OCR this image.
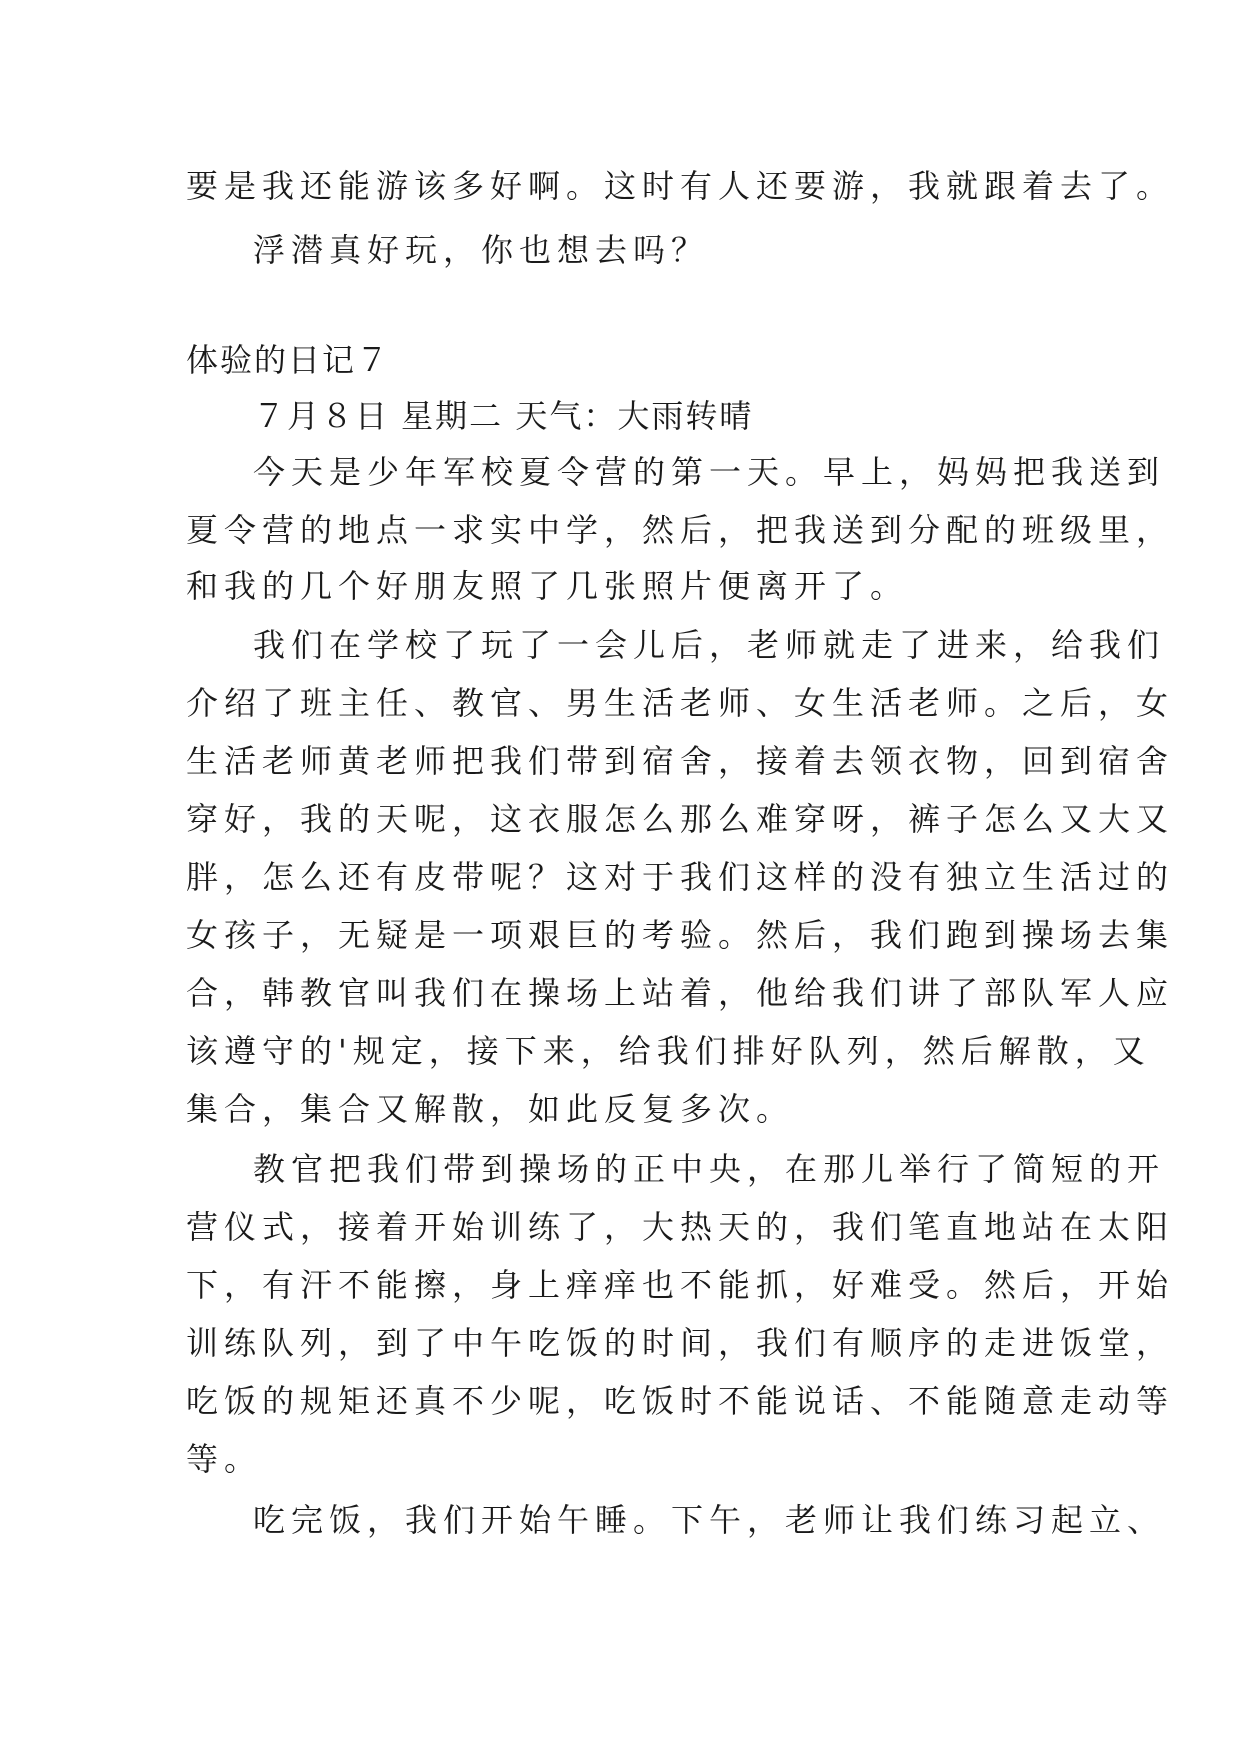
要是我还能游该多好啊。这时有人还要游，我就跟着去了。
浮潜真好玩，你也想去吗？
体验的日记７
７月８日 星期二 天气：大雨转晴
今天是少年军校夏令营的第一天。早上，妈妈把我送到
夏令营的地点一求实中学，然后，把我送到分配的班级里，
和我的几个好朋友照了几张照片便离开了。
我们在学校了玩了一会儿后，老师就走了进来，给我们
介绍了班主任、教官、男生活老师、女生活老师。之后，女
生活老师黄老师把我们带到宿舍，接着去领衣物，回到宿舍
穿好，我的天呢，这衣服怎么那么难穿呀，裤子怎么又大又
胖，怎么还有皮带呢？这对于我们这样的没有独立生活过的
女孩子，无疑是一项艰巨的考验。然后，我们跑到操场去集
合，韩教官叫我们在操场上站着，他给我们讲了部队军人应
该遵守的'规定，接下来，给我们排好队列，然后解散，又
集合，集合又解散，如此反复多次。
教官把我们带到操场的正中央，在那儿举行了简短的开
营仪式，接着开始训练了，大热天的，我们笔直地站在太阳
下，有汗不能擦，身上痒痒也不能抓，好难受。然后，开始
训练队列，到了中午吃饭的时间，我们有顺序的走进饭堂，
吃饭的规矩还真不少呢，吃饭时不能说话、不能随意走动等
等。
吃完饭，我们开始午睡。下午，老师让我们练习起立、
